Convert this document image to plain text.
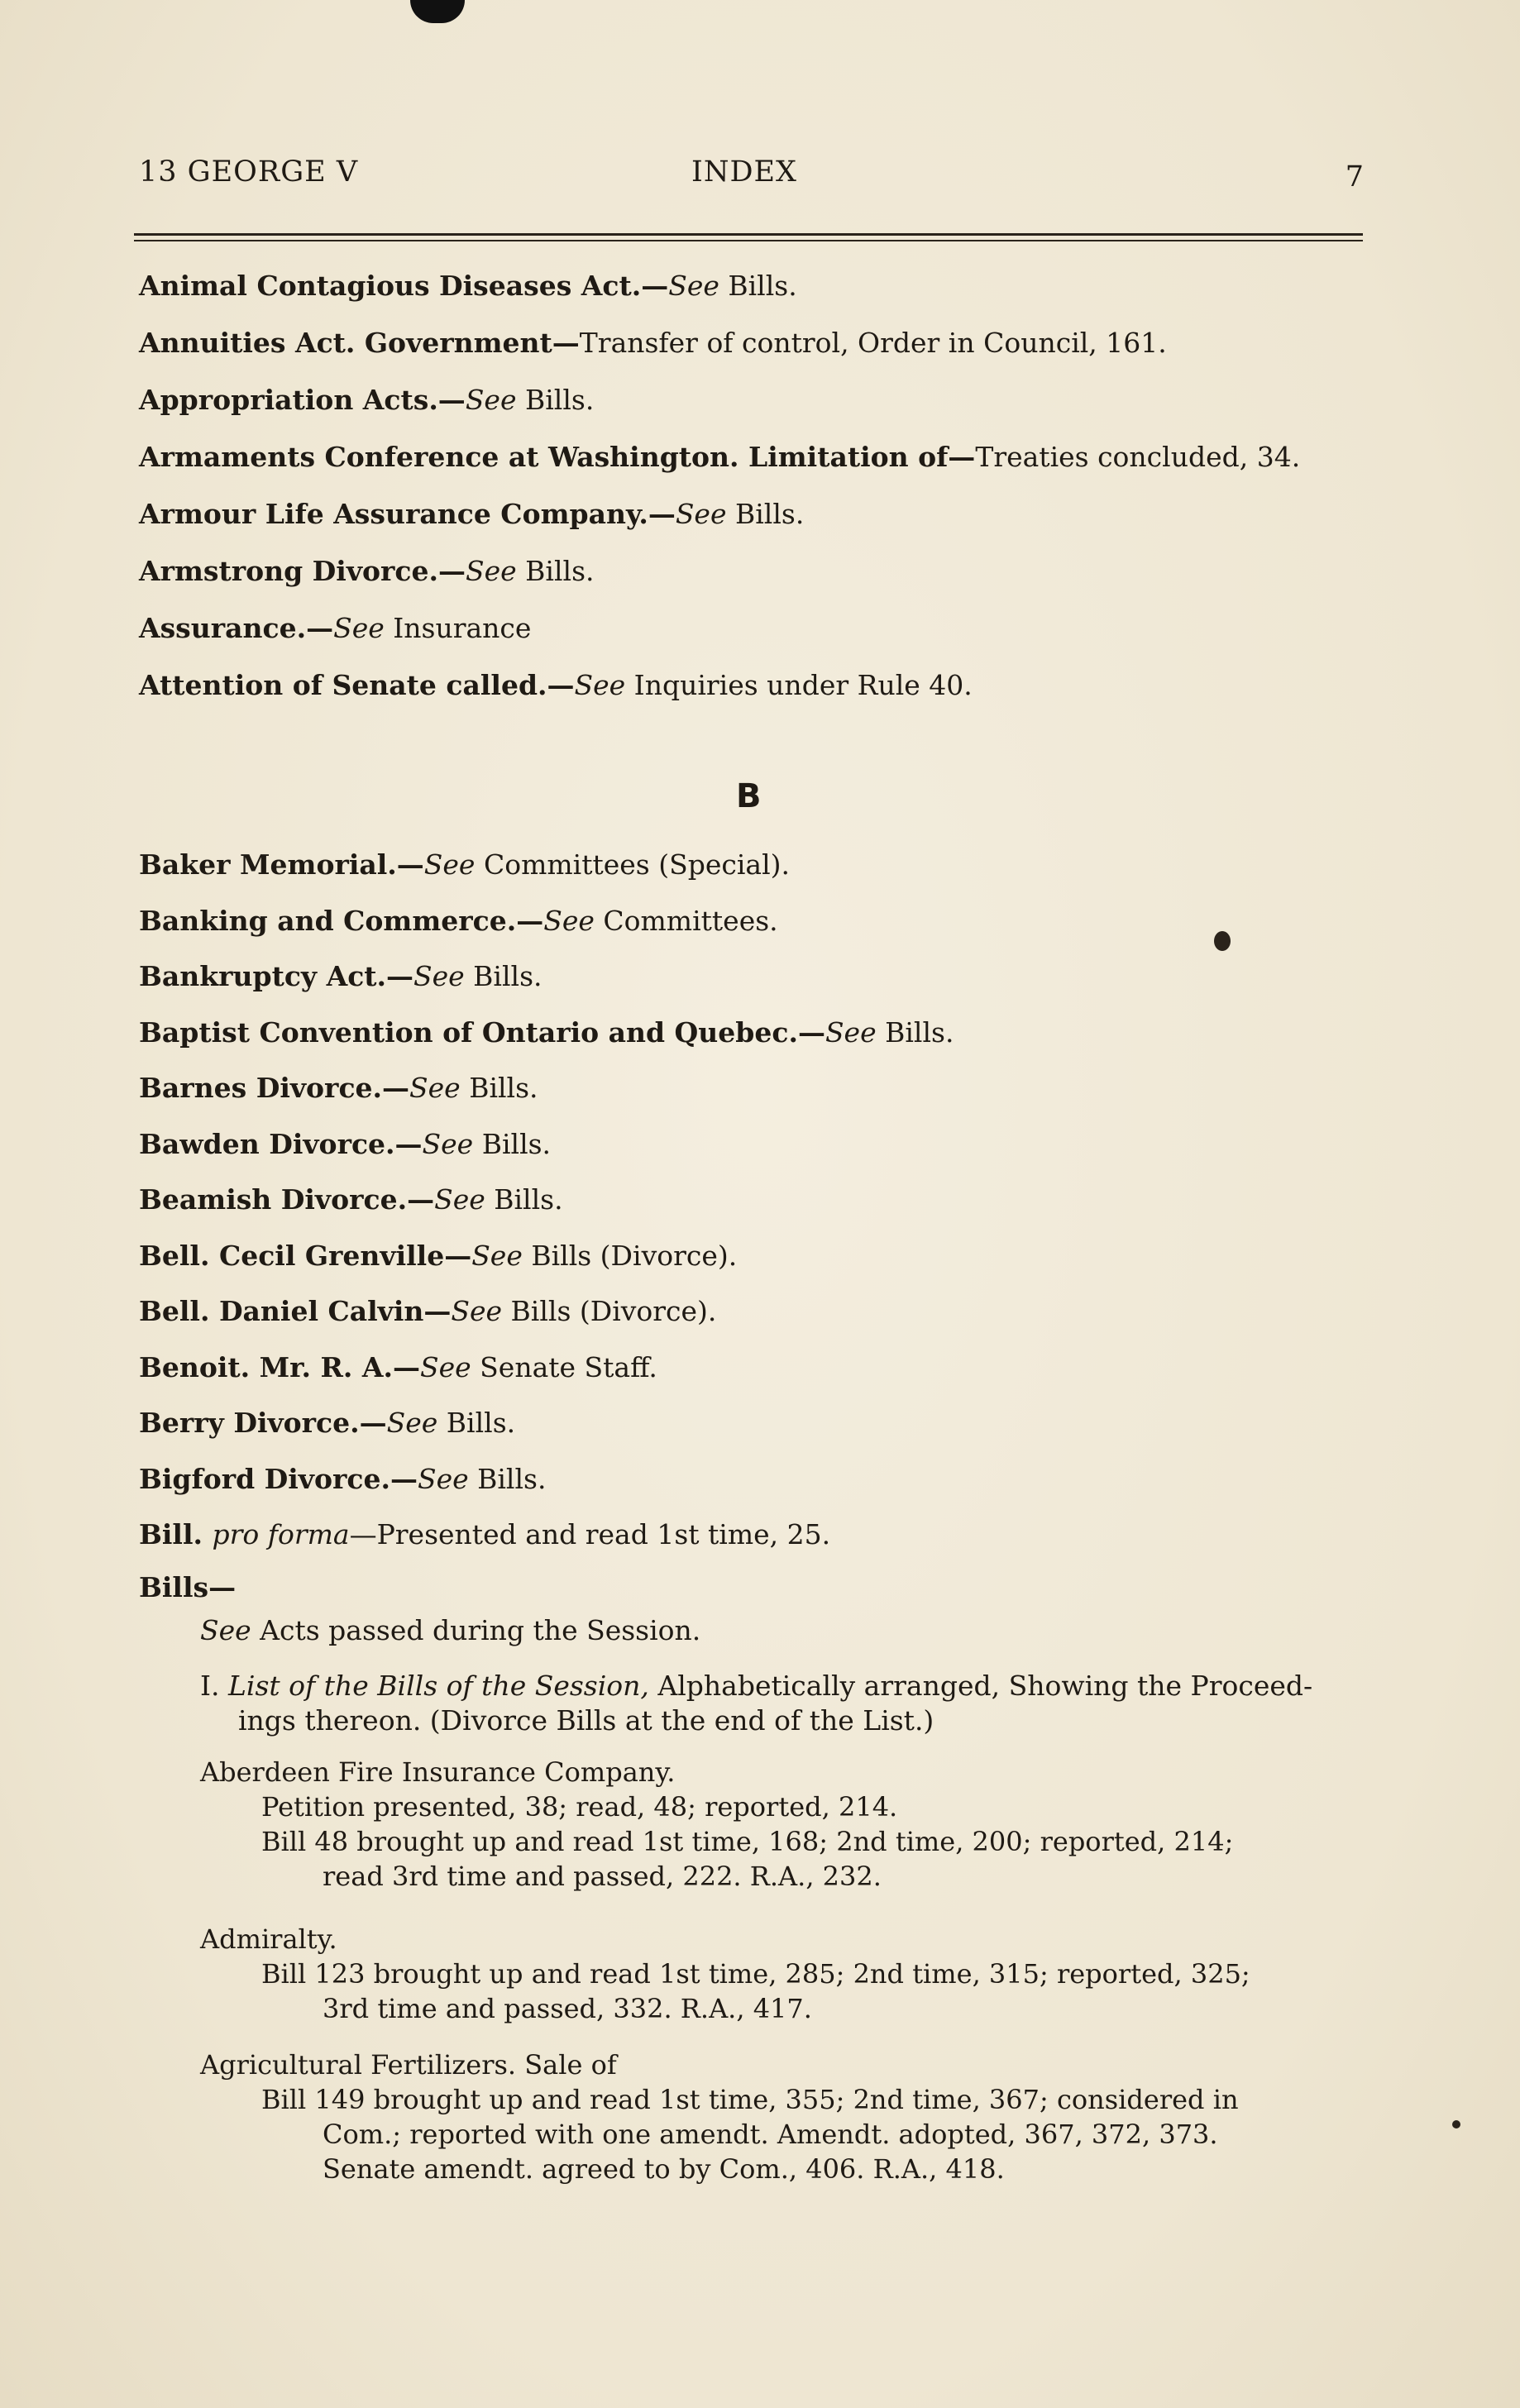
13 GEORGE V	INDEX	7
Animal Contagious Diseases Act.—See Bills.
Annuities Act. Government—Transfer of control, Order in Council, 161.
Appropriation Acts.—See Bills.
Armaments Conference at Washington. Limitation of—Treaties concluded, 34.
Armour Life Assurance Company.—See Bills.
Armstrong Divorce.—See Bills.
Assurance.—See Insurance
Attention of Senate called.—See Inquiries under Rule 40.
B
Baker Memorial.—See Committees (Special).
Banking and Commerce.—See Committees.
Bankruptcy Act.—See Bills.
Baptist Convention of Ontario and Quebec.—See Bills.
Barnes Divorce.—See Bills.
Bawden Divorce.—See Bills.
Beamish Divorce.—See Bills.
Bell. Cecil Grenville—See Bills (Divorce).
Bell. Daniel Calvin—See Bills (Divorce).
Benoit. Mr. R. A.—See Senate Staff.
Berry Divorce.—See Bills.
Bigford Divorce.—See Bills.
Bill. pro forma—Presented and read 1st time, 25.
Bills—
See Acts passed during the Session.
I. List of the Bills of the Session, Alphabetically arranged, Showing the Proceed-
ings thereon. (Divorce Bills at the end of the List.)
Aberdeen Fire Insurance Company.
Petition presented, 38; read, 48; reported, 214.
Bill 48 brought up and read 1st time, 168; 2nd time, 200; reported, 214;
read 3rd time and passed, 222. R.A., 232.
Admiralty.
Bill 123 brought up and read 1st time, 285; 2nd time, 315; reported, 325;
3rd time and passed, 332. R.A., 417.
Agricultural Fertilizers. Sale of
Bill 149 brought up and read 1st time, 355; 2nd time, 367; considered in
Com.; reported with one amendt. Amendt. adopted, 367, 372, 373.
Senate amendt. agreed to by Com., 406. R.A., 418.
